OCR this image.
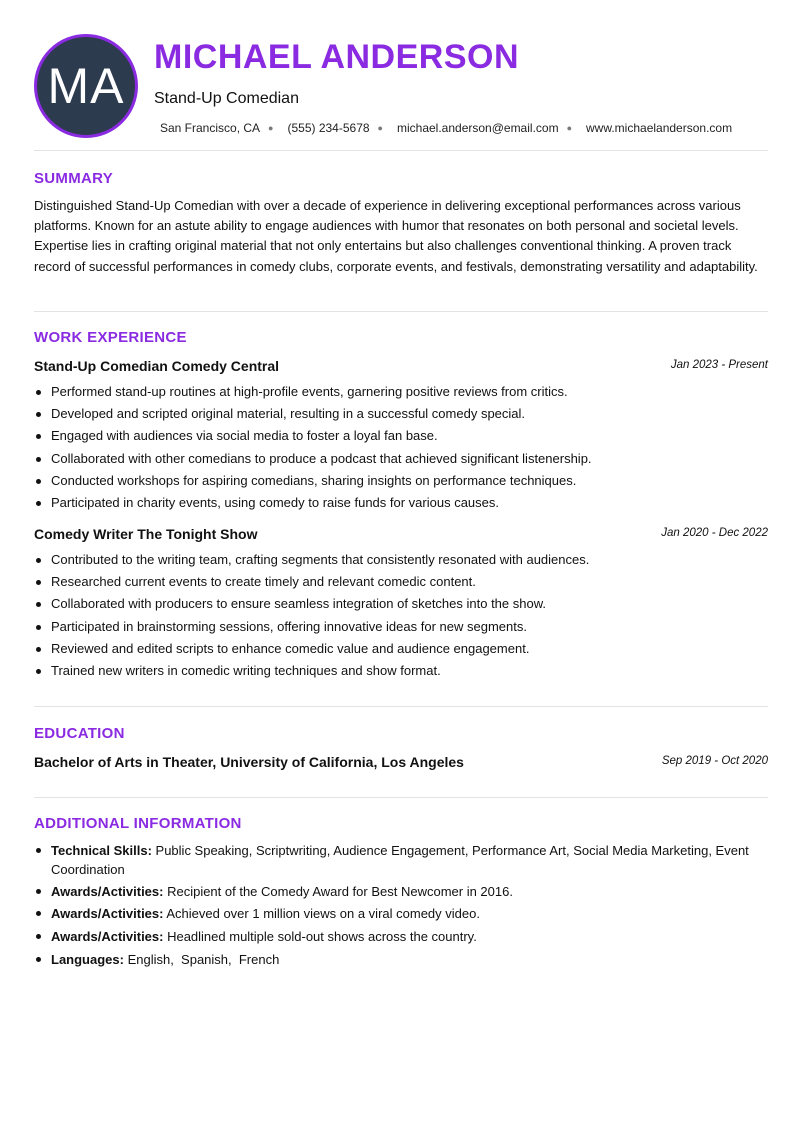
MA
MICHAEL ANDERSON
Stand-Up Comedian
San Francisco, CA ● (555) 234-5678 ● michael.anderson@email.com ● www.michaelanderson.com
SUMMARY
Distinguished Stand-Up Comedian with over a decade of experience in delivering exceptional performances across various platforms. Known for an astute ability to engage audiences with humor that resonates on both personal and societal levels. Expertise lies in crafting original material that not only entertains but also challenges conventional thinking. A proven track record of successful performances in comedy clubs, corporate events, and festivals, demonstrating versatility and adaptability.
WORK EXPERIENCE
Stand-Up Comedian Comedy Central	Jan 2023 - Present
Performed stand-up routines at high-profile events, garnering positive reviews from critics.
Developed and scripted original material, resulting in a successful comedy special.
Engaged with audiences via social media to foster a loyal fan base.
Collaborated with other comedians to produce a podcast that achieved significant listenership.
Conducted workshops for aspiring comedians, sharing insights on performance techniques.
Participated in charity events, using comedy to raise funds for various causes.
Comedy Writer The Tonight Show	Jan 2020 - Dec 2022
Contributed to the writing team, crafting segments that consistently resonated with audiences.
Researched current events to create timely and relevant comedic content.
Collaborated with producers to ensure seamless integration of sketches into the show.
Participated in brainstorming sessions, offering innovative ideas for new segments.
Reviewed and edited scripts to enhance comedic value and audience engagement.
Trained new writers in comedic writing techniques and show format.
EDUCATION
Bachelor of Arts in Theater, University of California, Los Angeles	Sep 2019 - Oct 2020
ADDITIONAL INFORMATION
Technical Skills: Public Speaking, Scriptwriting, Audience Engagement, Performance Art, Social Media Marketing, Event Coordination
Awards/Activities: Recipient of the Comedy Award for Best Newcomer in 2016.
Awards/Activities: Achieved over 1 million views on a viral comedy video.
Awards/Activities: Headlined multiple sold-out shows across the country.
Languages: English,  Spanish,  French
